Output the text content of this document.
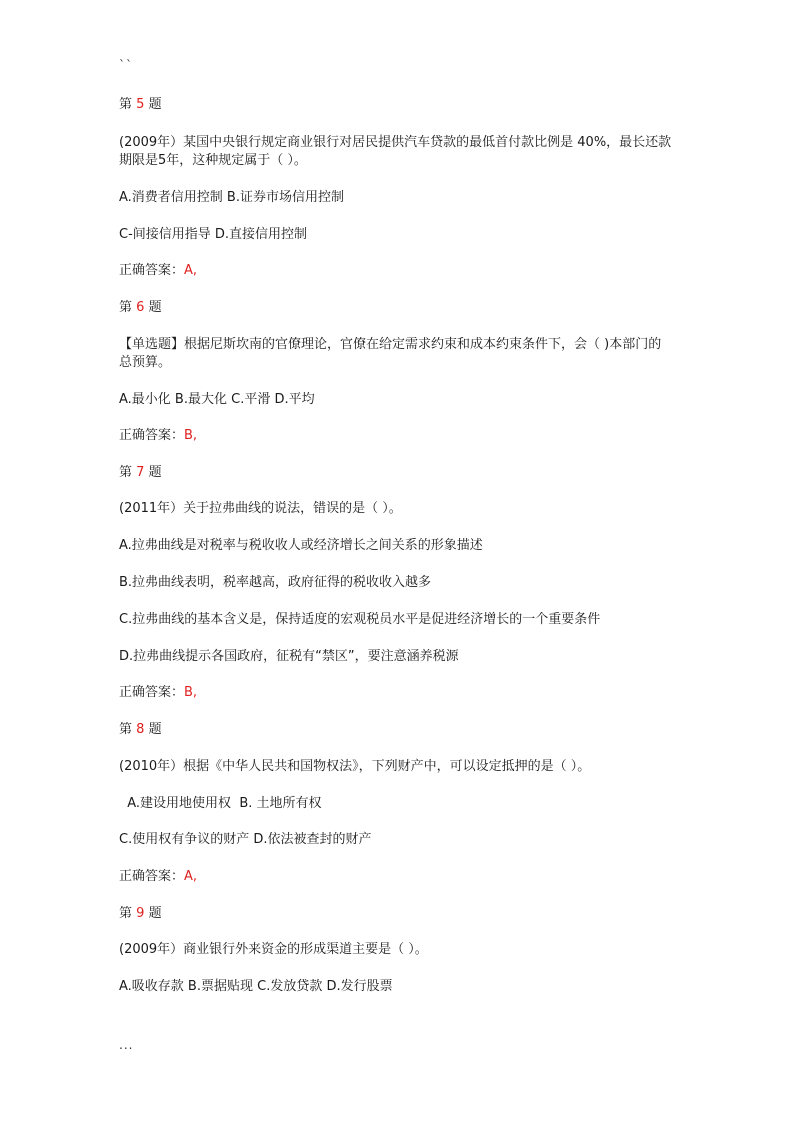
``
第 5 题
(2009年）某国中央银行规定商业银行对居民提供汽车贷款的最低首付款比例是 40%，最长还款期限是5年，这种规定属于（ ）。
A.消费者信用控制 B.证券市场信用控制
C-间接信用指导 D.直接信用控制
正确答案：A,
第 6 题
【单选题】根据尼斯坎南的官僚理论，官僚在给定需求约束和成本约束条件下，会（ )本部门的总预算。
A.最小化 B.最大化 C.平滑 D.平均
正确答案：B,
第 7 题
(2011年）关于拉弗曲线的说法，错误的是（ ）。
A.拉弗曲线是对税率与税收收人或经济增长之间关系的形象描述
B.拉弗曲线表明，税率越高，政府征得的税收收入越多
C.拉弗曲线的基本含义是，保持适度的宏观税员水平是促进经济增长的一个重要条件
D.拉弗曲线提示各国政府，征税有“禁区”，要注意涵养税源
正确答案：B,
第 8 题
(2010年）根据《中华人民共和国物权法》，下列财产中，可以设定抵押的是（ ）。
A.建设用地使用权  B. 土地所有权
C.使用权有争议的财产 D.依法被查封的财产
正确答案：A,
第 9 题
(2009年）商业银行外来资金的形成渠道主要是（ ）。
A.吸收存款 B.票据贴现 C.发放贷款 D.发行股票
...
